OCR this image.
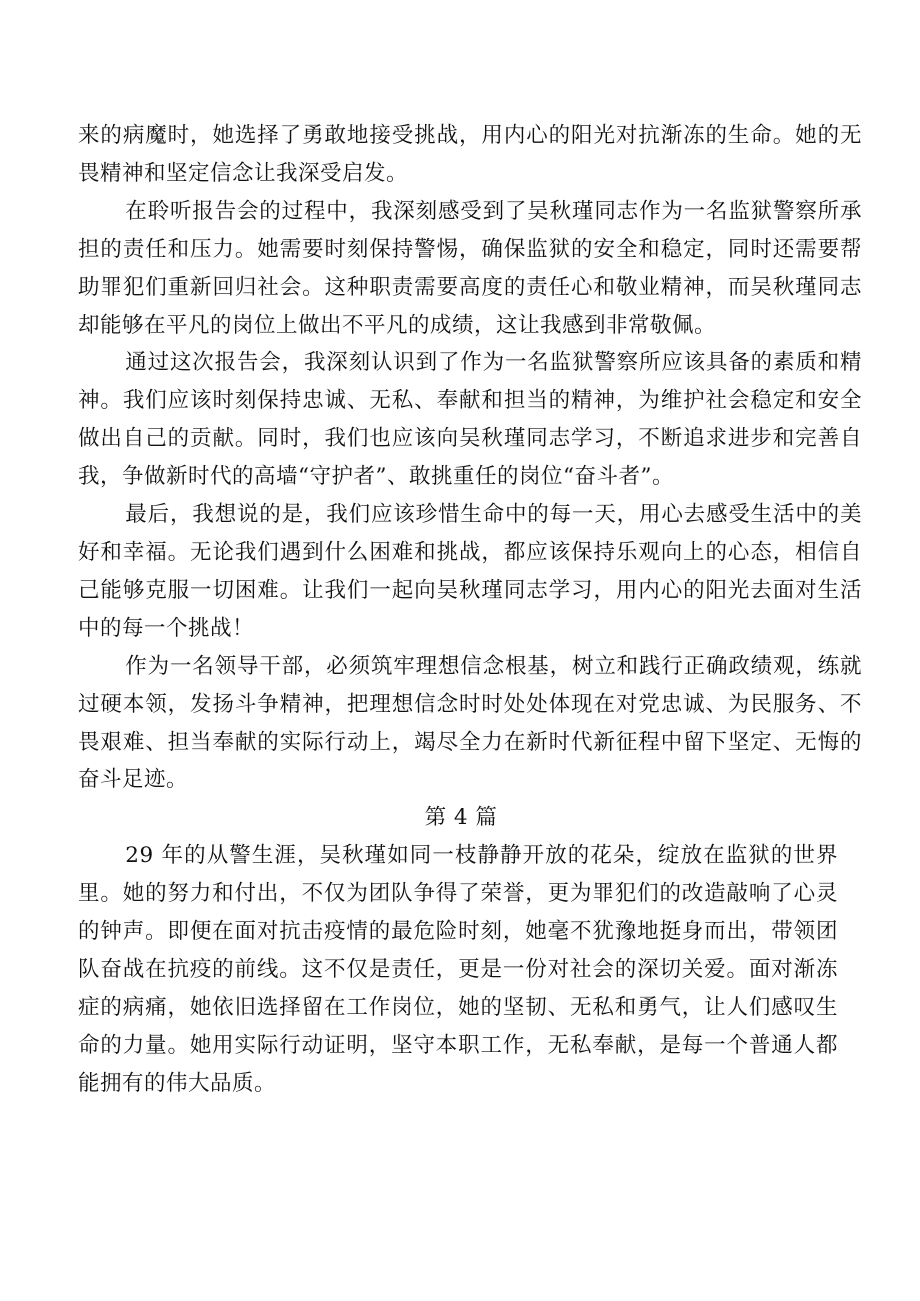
来的病魔时，她选择了勇敢地接受挑战，用内心的阳光对抗渐冻的生命。她的无畏精神和坚定信念让我深受启发。

在聆听报告会的过程中，我深刻感受到了吴秋瑾同志作为一名监狱警察所承担的责任和压力。她需要时刻保持警惕，确保监狱的安全和稳定，同时还需要帮助罪犯们重新回归社会。这种职责需要高度的责任心和敬业精神，而吴秋瑾同志却能够在平凡的岗位上做出不平凡的成绩，这让我感到非常敬佩。

通过这次报告会，我深刻认识到了作为一名监狱警察所应该具备的素质和精神。我们应该时刻保持忠诚、无私、奉献和担当的精神，为维护社会稳定和安全做出自己的贡献。同时，我们也应该向吴秋瑾同志学习，不断追求进步和完善自我，争做新时代的高墙“守护者”、敢挑重任的岗位“奋斗者”。

最后，我想说的是，我们应该珍惜生命中的每一天，用心去感受生活中的美好和幸福。无论我们遇到什么困难和挑战，都应该保持乐观向上的心态，相信自己能够克服一切困难。让我们一起向吴秋瑾同志学习，用内心的阳光去面对生活中的每一个挑战！

作为一名领导干部，必须筑牢理想信念根基，树立和践行正确政绩观，练就过硬本领，发扬斗争精神，把理想信念时时处处体现在对党忠诚、为民服务、不畏艰难、担当奉献的实际行动上，竭尽全力在新时代新征程中留下坚定、无悔的奋斗足迹。

第 4 篇

29 年的从警生涯，吴秋瑾如同一枝静静开放的花朵，绽放在监狱的世界里。她的努力和付出，不仅为团队争得了荣誉，更为罪犯们的改造敲响了心灵的钟声。即便在面对抗击疫情的最危险时刻，她毫不犹豫地挺身而出，带领团队奋战在抗疫的前线。这不仅是责任，更是一份对社会的深切关爱。面对渐冻症的病痛，她依旧选择留在工作岗位，她的坚韧、无私和勇气，让人们感叹生命的力量。她用实际行动证明，坚守本职工作，无私奉献，是每一个普通人都能拥有的伟大品质。
